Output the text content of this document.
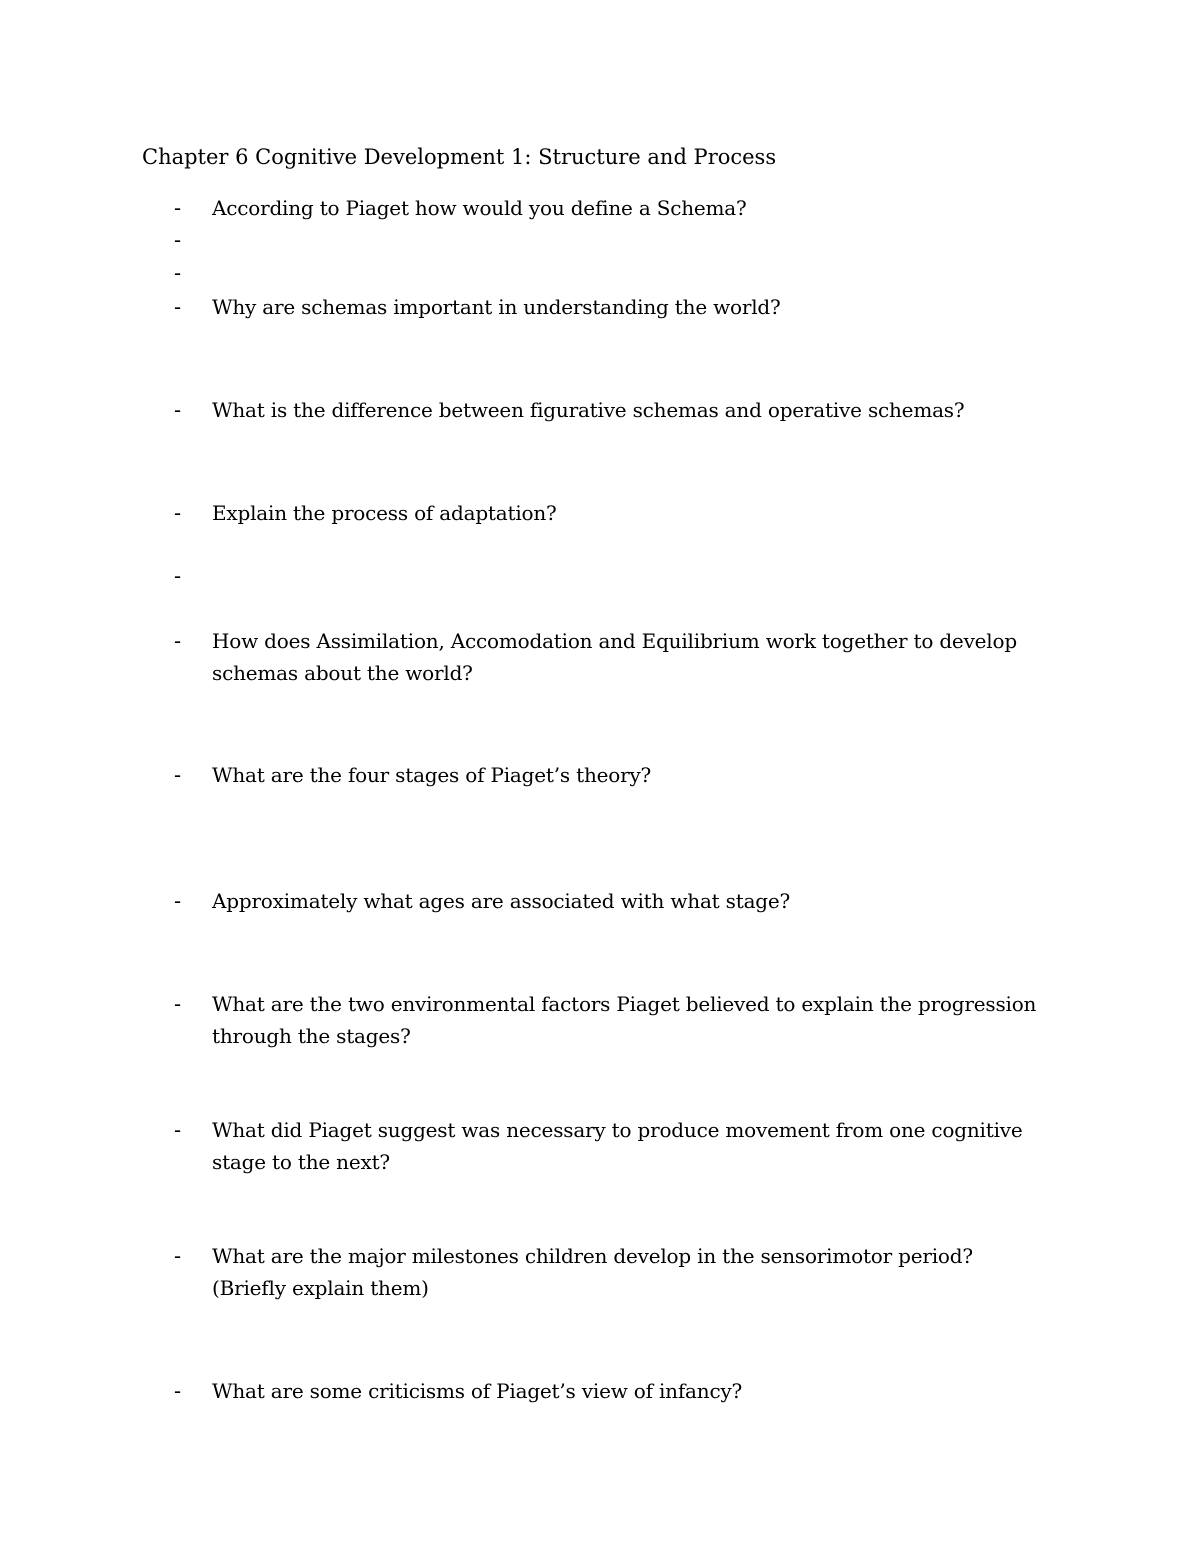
Chapter 6 Cognitive Development 1: Structure and Process
- According to Piaget how would you define a Schema?
-
-
- Why are schemas important in understanding the world?
- What is the difference between figurative schemas and operative schemas?
- Explain the process of adaptation?
-
- How does Assimilation, Accomodation and Equilibrium work together to develop
schemas about the world?
- What are the four stages of Piaget’s theory?
- Approximately what ages are associated with what stage?
- What are the two environmental factors Piaget believed to explain the progression
through the stages?
- What did Piaget suggest was necessary to produce movement from one cognitive
stage to the next?
- What are the major milestones children develop in the sensorimotor period?
(Briefly explain them)
- What are some criticisms of Piaget’s view of infancy?
